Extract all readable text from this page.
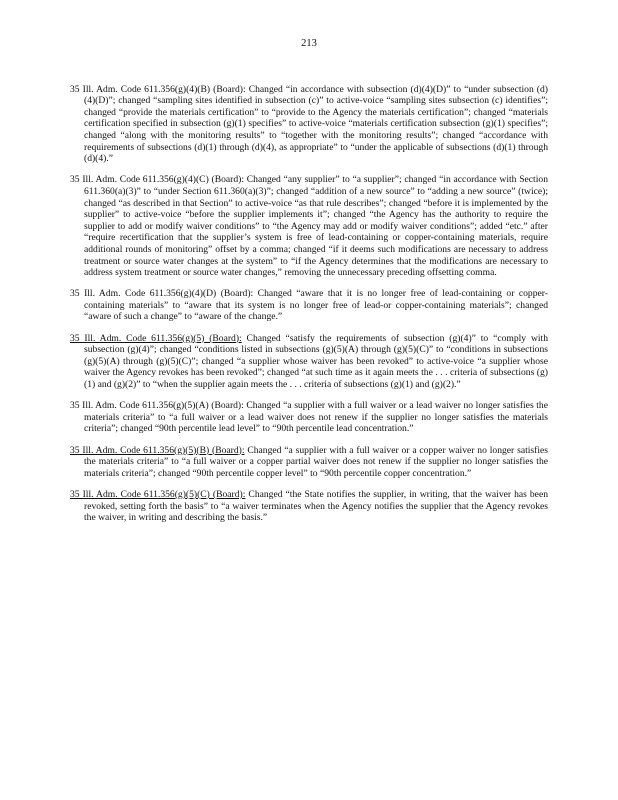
213

35 Ill. Adm. Code 611.356(g)(4)(B) (Board): Changed “in accordance with subsection (d)(4)(D)” to “under subsection (d)(4)(D)”; changed “sampling sites identified in subsection (c)” to active-voice “sampling sites subsection (c) identifies”; changed “provide the materials certification” to “provide to the Agency the materials certification”; changed “materials certification specified in subsection (g)(1) specifies” to active-voice “materials certification subsection (g)(1) specifies”; changed “along with the monitoring results” to “together with the monitoring results”; changed “accordance with requirements of subsections (d)(1) through (d)(4), as appropriate” to “under the applicable of subsections (d)(1) through (d)(4).”

35 Ill. Adm. Code 611.356(g)(4)(C) (Board): Changed “any supplier” to “a supplier”; changed “in accordance with Section 611.360(a)(3)” to “under Section 611.360(a)(3)”; changed “addition of a new source” to “adding a new source” (twice); changed “as described in that Section” to active-voice “as that rule describes”; changed “before it is implemented by the supplier” to active-voice “before the supplier implements it”; changed “the Agency has the authority to require the supplier to add or modify waiver conditions” to “the Agency may add or modify waiver conditions”; added “etc.” after “require recertification that the supplier’s system is free of lead-containing or copper-containing materials, require additional rounds of monitoring” offset by a comma; changed “if it deems such modifications are necessary to address treatment or source water changes at the system” to “if the Agency determines that the modifications are necessary to address system treatment or source water changes,” removing the unnecessary preceding offsetting comma.

35 Ill. Adm. Code 611.356(g)(4)(D) (Board): Changed “aware that it is no longer free of lead-containing or copper-containing materials” to “aware that its system is no longer free of lead-or copper-containing materials”; changed “aware of such a change” to “aware of the change.”

35 Ill. Adm. Code 611.356(g)(5) (Board): Changed “satisfy the requirements of subsection (g)(4)” to “comply with subsection (g)(4)”; changed “conditions listed in subsections (g)(5)(A) through (g)(5)(C)” to “conditions in subsections (g)(5)(A) through (g)(5)(C)”; changed “a supplier whose waiver has been revoked” to active-voice “a supplier whose waiver the Agency revokes has been revoked”; changed “at such time as it again meets the . . . criteria of subsections (g)(1) and (g)(2)” to “when the supplier again meets the . . . criteria of subsections (g)(1) and (g)(2).”

35 Ill. Adm. Code 611.356(g)(5)(A) (Board): Changed “a supplier with a full waiver or a lead waiver no longer satisfies the materials criteria” to “a full waiver or a lead waiver does not renew if the supplier no longer satisfies the materials criteria”; changed “90th percentile lead level” to “90th percentile lead concentration.”

35 Ill. Adm. Code 611.356(g)(5)(B) (Board): Changed “a supplier with a full waiver or a copper waiver no longer satisfies the materials criteria” to “a full waiver or a copper partial waiver does not renew if the supplier no longer satisfies the materials criteria”; changed “90th percentile copper level” to “90th percentile copper concentration.”

35 Ill. Adm. Code 611.356(g)(5)(C) (Board): Changed “the State notifies the supplier, in writing, that the waiver has been revoked, setting forth the basis” to “a waiver terminates when the Agency notifies the supplier that the Agency revokes the waiver, in writing and describing the basis.”
